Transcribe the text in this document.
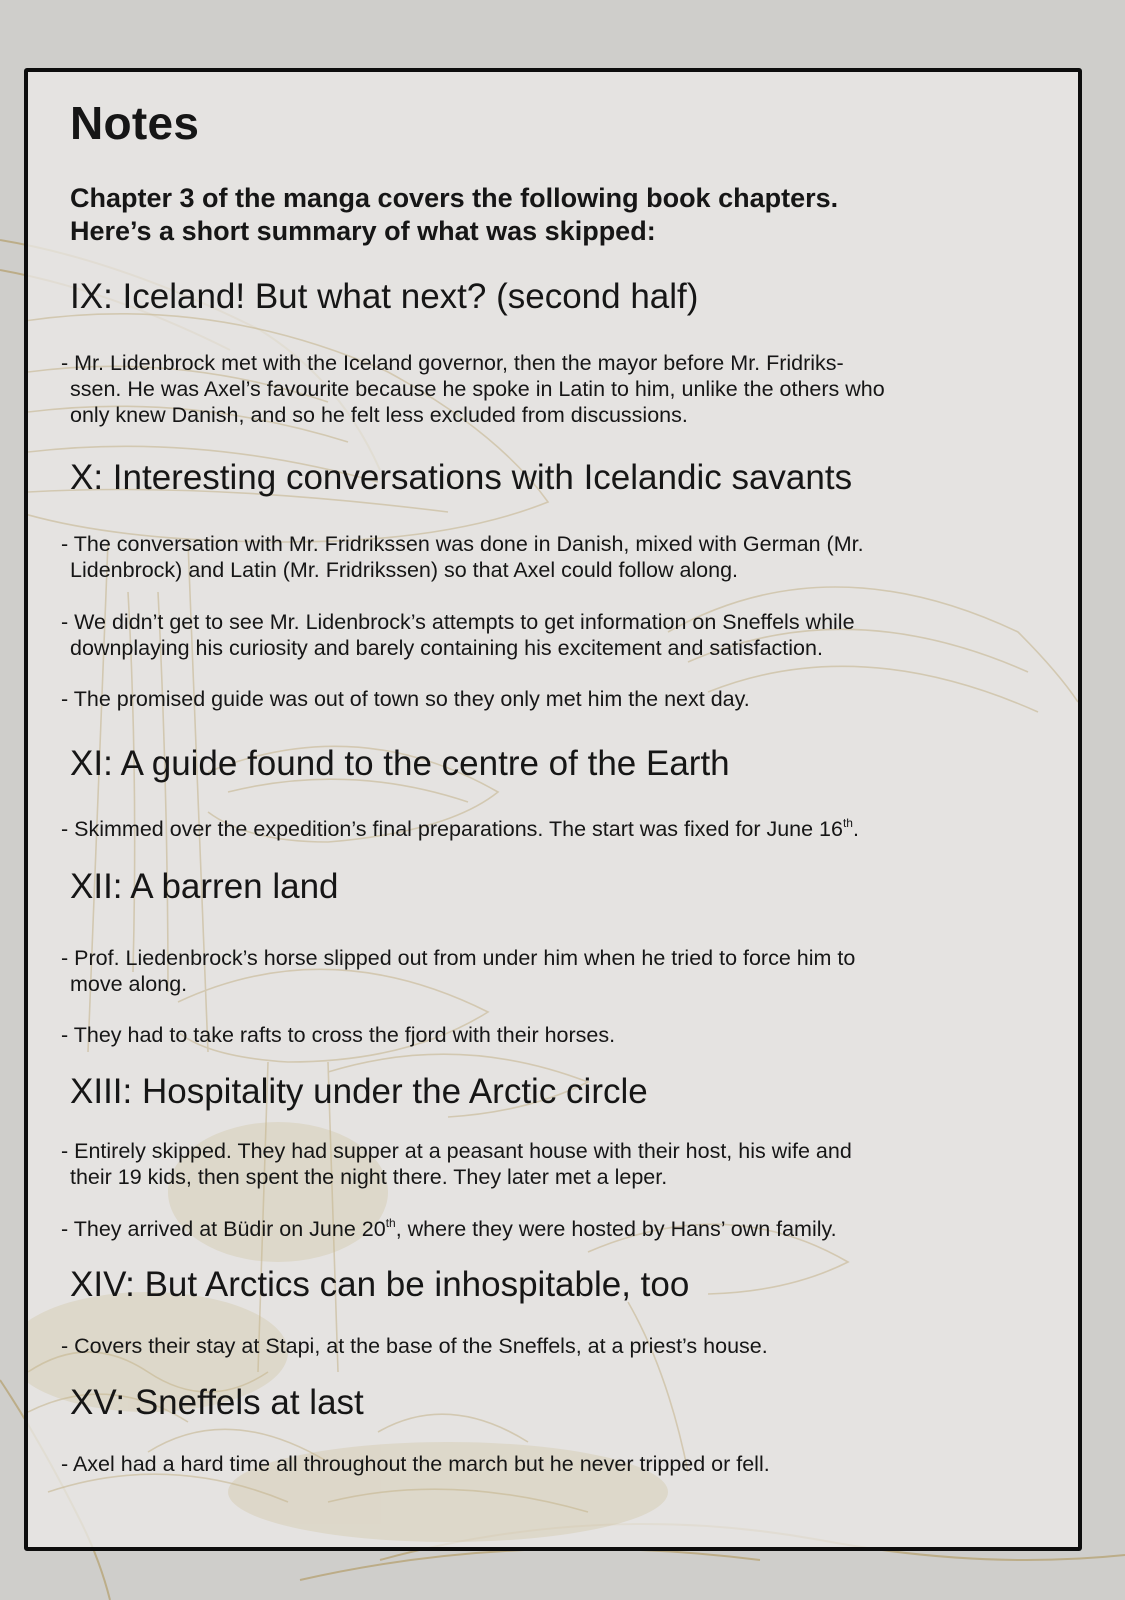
Notes

Chapter 3 of the manga covers the following book chapters.
Here’s a short summary of what was skipped:

IX: Iceland! But what next? (second half)

- Mr. Lidenbrock met with the Iceland governor, then the mayor before Mr. Fridriks-
ssen. He was Axel’s favourite because he spoke in Latin to him, unlike the others who
only knew Danish, and so he felt less excluded from discussions.

X: Interesting conversations with Icelandic savants

- The conversation with Mr. Fridrikssen was done in Danish, mixed with German (Mr.
Lidenbrock) and Latin (Mr. Fridrikssen) so that Axel could follow along.

- We didn’t get to see Mr. Lidenbrock’s attempts to get information on Sneffels while
downplaying his curiosity and barely containing his excitement and satisfaction.

- The promised guide was out of town so they only met him the next day.

XI: A guide found to the centre of the Earth

- Skimmed over the expedition’s final preparations. The start was fixed for June 16th.

XII: A barren land

- Prof. Liedenbrock’s horse slipped out from under him when he tried to force him to
move along.

- They had to take rafts to cross the fjord with their horses.

XIII: Hospitality under the Arctic circle

- Entirely skipped. They had supper at a peasant house with their host, his wife and
their 19 kids, then spent the night there. They later met a leper.

- They arrived at Büdir on June 20th, where they were hosted by Hans’ own family.

XIV: But Arctics can be inhospitable, too

- Covers their stay at Stapi, at the base of the Sneffels, at a priest’s house.

XV: Sneffels at last

- Axel had a hard time all throughout the march but he never tripped or fell.
